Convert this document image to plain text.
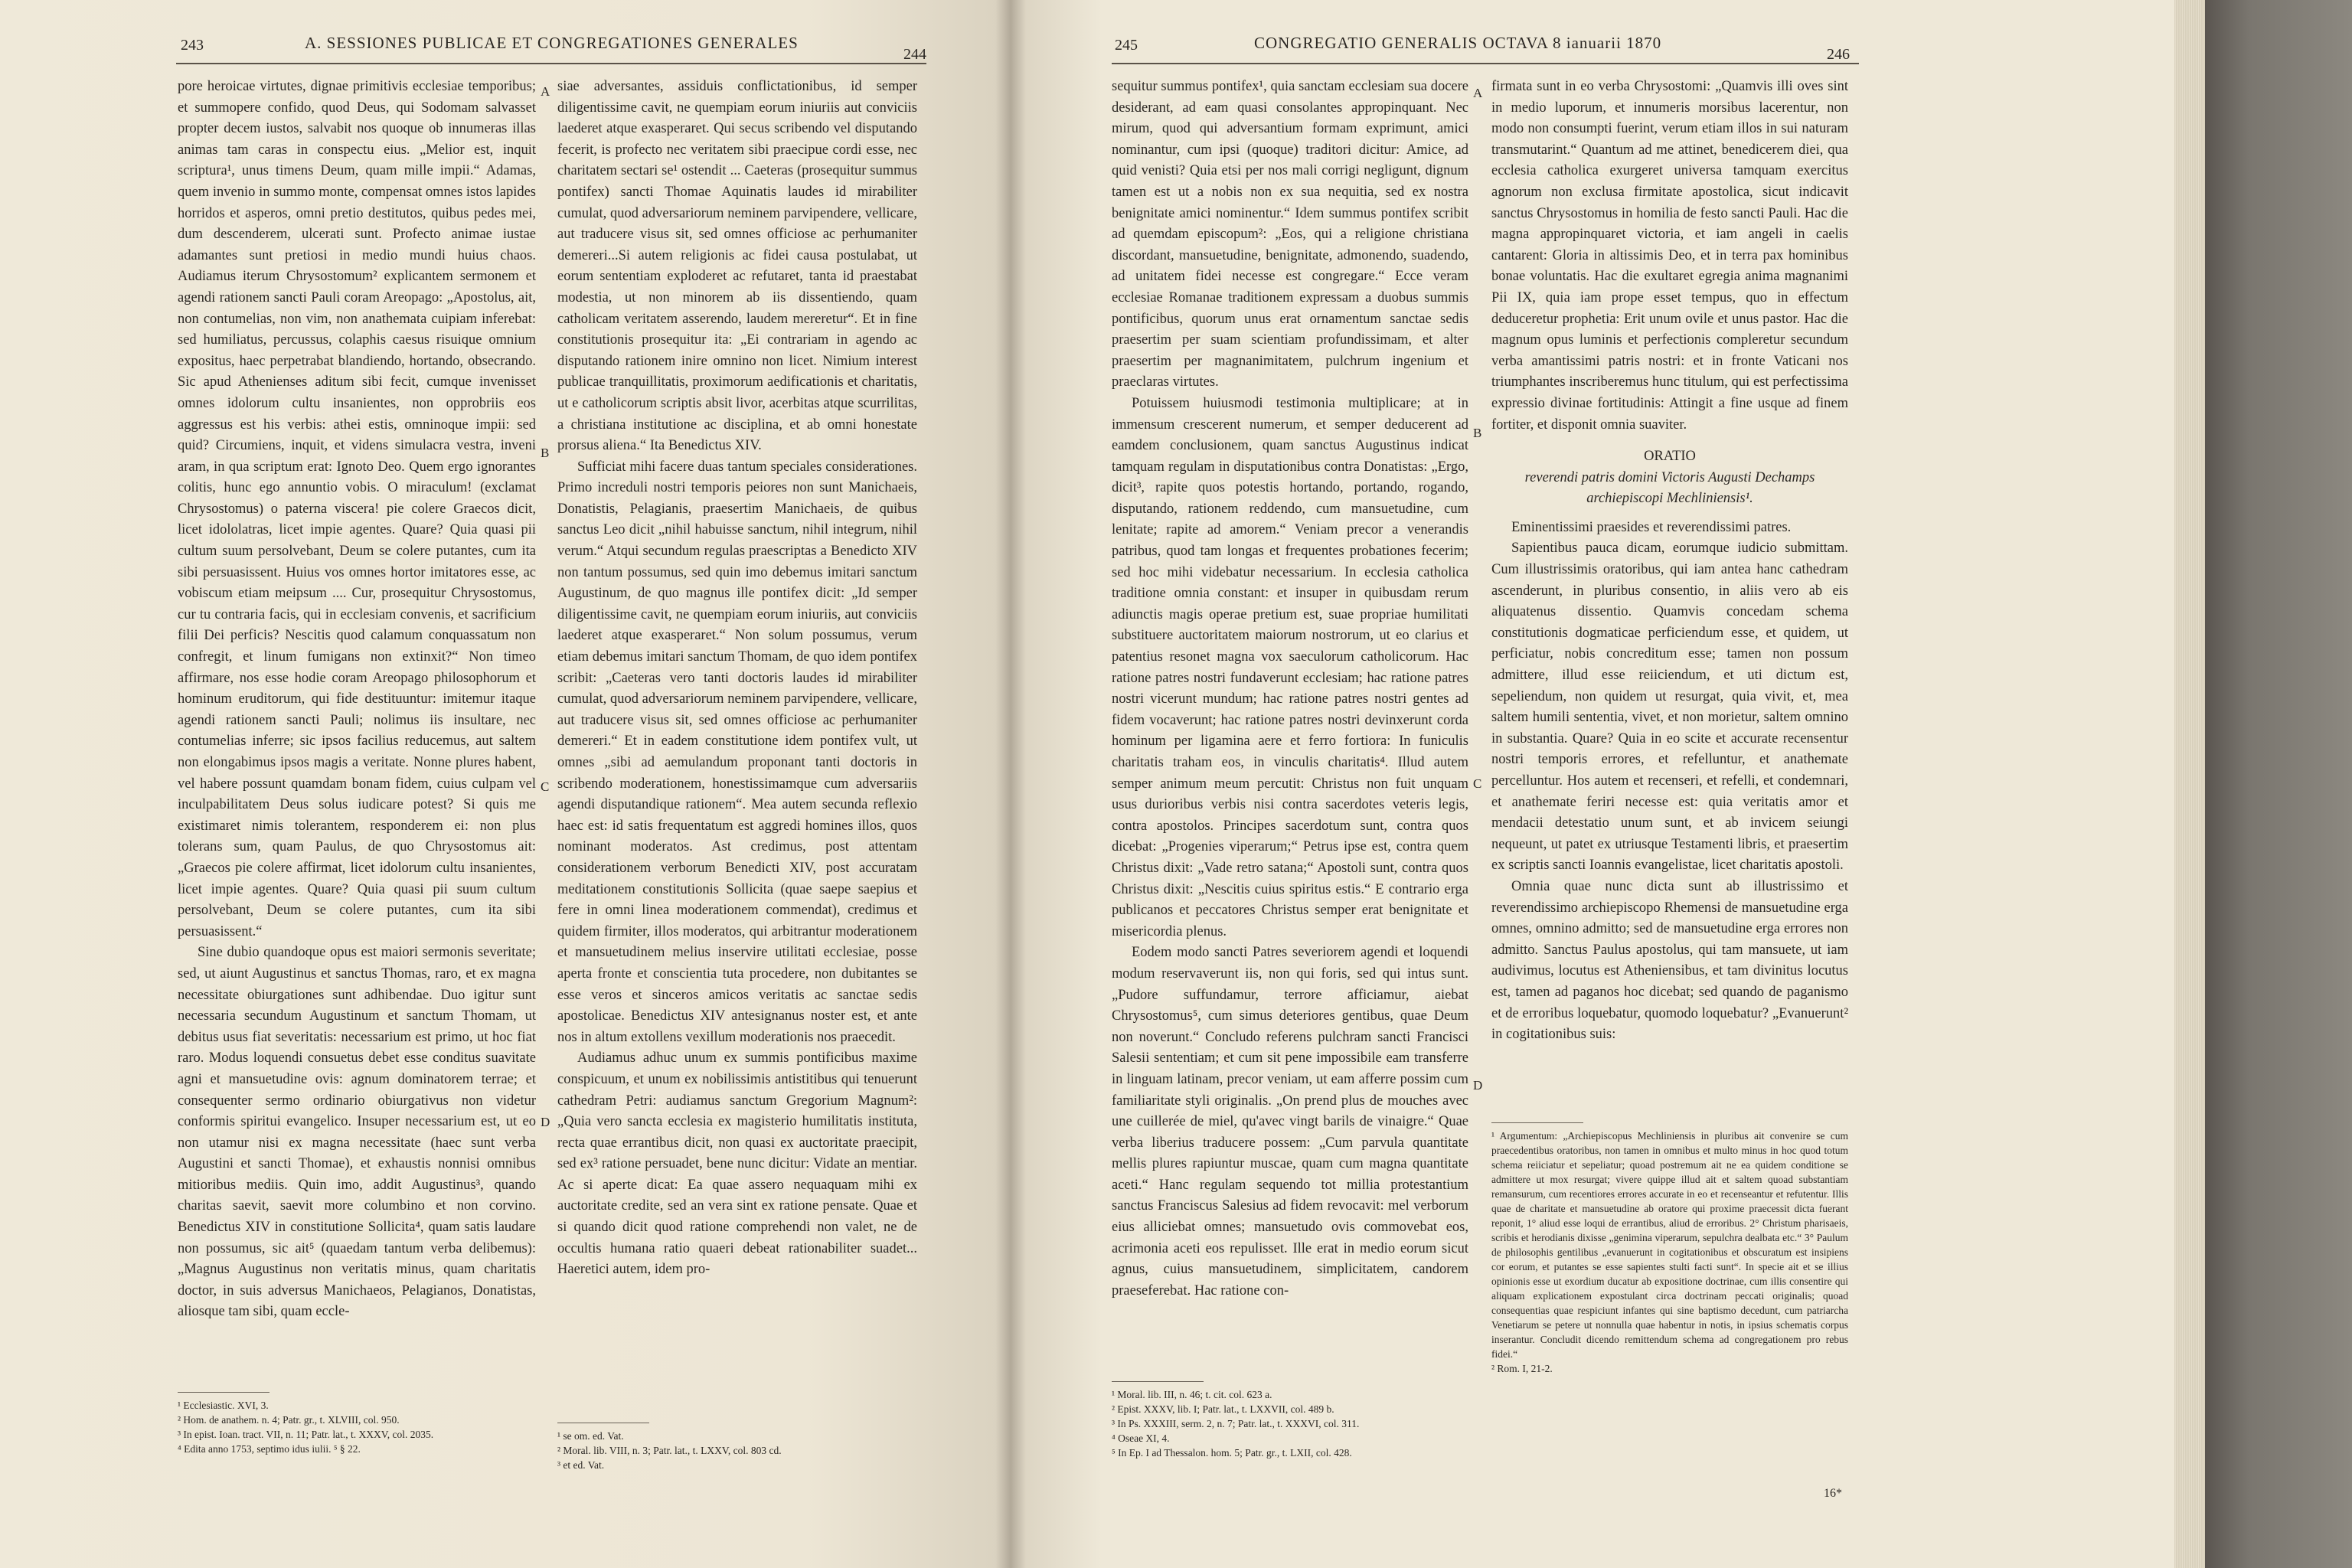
243	A. SESSIONES PUBLICAE ET CONGREGATIONES GENERALES
244

pore heroicae virtutes, dignae primitivis ecclesiae temporibus; et summopere confido, quod Deus, qui Sodomam salvasset propter decem iustos, salvabit nos quoque ob innumeras illas animas tam caras in conspectu eius. „Melior est, inquit scriptura¹, unus timens Deum, quam mille impii.“ Adamas, quem invenio in summo monte, compensat omnes istos lapides horridos et asperos, omni pretio destitutos, quibus pedes mei, dum descenderem, ulcerati sunt. Profecto animae iustae adamantes sunt pretiosi in medio mundi huius chaos. Audiamus iterum Chrysostomum² explicantem sermonem et agendi rationem sancti Pauli coram Areopago: „Apostolus, ait, non contumelias, non vim, non anathemata cuipiam inferebat: sed humiliatus, percussus, colaphis caesus risuique omnium expositus, haec perpetrabat blandiendo, hortando, obsecrando. Sic apud Athenienses aditum sibi fecit, cumque invenisset omnes idolorum cultu insanientes, non opprobriis eos aggressus est his verbis: athei estis, omninoque impii: sed quid? Circumiens, inquit, et videns simulacra vestra, inveni aram, in qua scriptum erat: Ignoto Deo. Quem ergo ignorantes colitis, hunc ego annuntio vobis. O miraculum! (exclamat Chrysostomus) o paterna viscera! pie colere Graecos dicit, licet idololatras, licet impie agentes. Quare? Quia quasi pii cultum suum persolvebant, Deum se colere putantes, cum ita sibi persuasissent. Huius vos omnes hortor imitatores esse, ac vobiscum etiam meipsum .... Cur, prosequitur Chrysostomus, cur tu contraria facis, qui in ecclesiam convenis, et sacrificium filii Dei perficis? Nescitis quod calamum conquassatum non confregit, et linum fumigans non extinxit?“ Non timeo affirmare, nos esse hodie coram Areopago philosophorum et hominum eruditorum, qui fide destituuntur: imitemur itaque agendi rationem sancti Pauli; nolimus iis insultare, nec contumelias inferre; sic ipsos facilius reducemus, aut saltem non elongabimus ipsos magis a veritate. Nonne plures habent, vel habere possunt quamdam bonam fidem, cuius culpam vel inculpabilitatem Deus solus iudicare potest? Si quis me existimaret nimis tolerantem, responderem ei: non plus tolerans sum, quam Paulus, de quo Chrysostomus ait: „Graecos pie colere affirmat, licet idolorum cultu insanientes, licet impie agentes. Quare? Quia quasi pii suum cultum persolvebant, Deum se colere putantes, cum ita sibi persuasissent.“

Sine dubio quandoque opus est maiori sermonis severitate; sed, ut aiunt Augustinus et sanctus Thomas, raro, et ex magna necessitate obiurgationes sunt adhibendae. Duo igitur sunt necessaria secundum Augustinum et sanctum Thomam, ut debitus usus fiat severitatis: necessarium est primo, ut hoc fiat raro. Modus loquendi consuetus debet esse conditus suavitate agni et mansuetudine ovis: agnum dominatorem terrae; et consequenter sermo ordinario obiurgativus non videtur conformis spiritui evangelico. Insuper necessarium est, ut eo non utamur nisi ex magna necessitate (haec sunt verba Augustini et sancti Thomae), et exhaustis nonnisi omnibus mitioribus mediis. Quin imo, addit Augustinus³, quando charitas saevit, saevit more columbino et non corvino. Benedictus XIV in constitutione Sollicita⁴, quam satis laudare non possumus, sic ait⁵ (quaedam tantum verba delibemus): „Magnus Augustinus non veritatis minus, quam charitatis doctor, in suis adversus Manichaeos, Pelagianos, Donatistas, aliosque tam sibi, quam eccle-

¹ Ecclesiastic. XVI, 3.
² Hom. de anathem. n. 4; Patr. gr., t. XLVIII, col. 950.
³ In epist. Ioan. tract. VII, n. 11; Patr. lat., t. XXXV, col. 2035.
⁴ Edita anno 1753, septimo idus iulii. ⁵ § 22.
A
B
C
D

siae adversantes, assiduis conflictationibus, id semper diligentissime cavit, ne quempiam eorum iniuriis aut conviciis laederet atque exasperaret. Qui secus scribendo vel disputando fecerit, is profecto nec veritatem sibi praecipue cordi esse, nec charitatem sectari se¹ ostendit ... Caeteras (prosequitur summus pontifex) sancti Thomae Aquinatis laudes id mirabiliter cumulat, quod adversariorum neminem parvipendere, vellicare, aut traducere visus sit, sed omnes officiose ac perhumaniter demereri...Si autem religionis ac fidei causa postulabat, ut eorum sententiam exploderet ac refutaret, tanta id praestabat modestia, ut non minorem ab iis dissentiendo, quam catholicam veritatem asserendo, laudem mereretur“. Et in fine constitutionis prosequitur ita: „Ei contrariam in agendo ac disputando rationem inire omnino non licet. Nimium interest publicae tranquillitatis, proximorum aedificationis et charitatis, ut e catholicorum scriptis absit livor, acerbitas atque scurrilitas, a christiana institutione ac disciplina, et ab omni honestate prorsus aliena.“ Ita Benedictus XIV.

Sufficiat mihi facere duas tantum speciales considerationes. Primo increduli nostri temporis peiores non sunt Manichaeis, Donatistis, Pelagianis, praesertim Manichaeis, de quibus sanctus Leo dicit „nihil habuisse sanctum, nihil integrum, nihil verum.“ Atqui secundum regulas praescriptas a Benedicto XIV non tantum possumus, sed quin imo debemus imitari sanctum Augustinum, de quo magnus ille pontifex dicit: „Id semper diligentissime cavit, ne quempiam eorum iniuriis, aut conviciis laederet atque exasperaret.“ Non solum possumus, verum etiam debemus imitari sanctum Thomam, de quo idem pontifex scribit: „Caeteras vero tanti doctoris laudes id mirabiliter cumulat, quod adversariorum neminem parvipendere, vellicare, aut traducere visus sit, sed omnes officiose ac perhumaniter demereri.“ Et in eadem constitutione idem pontifex vult, ut omnes „sibi ad aemulandum proponant tanti doctoris in scribendo moderationem, honestissimamque cum adversariis agendi disputandique rationem“. Mea autem secunda reflexio haec est: id satis frequentatum est aggredi homines illos, quos nominant moderatos. Ast credimus, post attentam considerationem verborum Benedicti XIV, post accuratam meditationem constitutionis Sollicita (quae saepe saepius et fere in omni linea moderationem commendat), credimus et quidem firmiter, illos moderatos, qui arbitrantur moderationem et mansuetudinem melius inservire utilitati ecclesiae, posse aperta fronte et conscientia tuta procedere, non dubitantes se esse veros et sinceros amicos veritatis ac sanctae sedis apostolicae. Benedictus XIV antesignanus noster est, et ante nos in altum extollens vexillum moderationis nos praecedit.

Audiamus adhuc unum ex summis pontificibus maxime conspicuum, et unum ex nobilissimis antistitibus qui tenuerunt cathedram Petri: audiamus sanctum Gregorium Magnum²: „Quia vero sancta ecclesia ex magisterio humilitatis instituta, recta quae errantibus dicit, non quasi ex auctoritate praecipit, sed ex³ ratione persuadet, bene nunc dicitur: Vidate an mentiar. Ac si aperte dicat: Ea quae assero nequaquam mihi ex auctoritate credite, sed an vera sint ex ratione pensate. Quae et si quando dicit quod ratione comprehendi non valet, ne de occultis humana ratio quaeri debeat rationabiliter suadet... Haeretici autem, idem pro-

¹ se om. ed. Vat.
² Moral. lib. VIII, n. 3; Patr. lat., t. LXXV, col. 803 cd.
³ et ed. Vat.
245	CONGREGATIO GENERALIS OCTAVA 8 ianuarii 1870
246

sequitur summus pontifex¹, quia sanctam ecclesiam sua docere desiderant, ad eam quasi consolantes appropinquant. Nec mirum, quod qui adversantium formam exprimunt, amici nominantur, cum ipsi (quoque) traditori dicitur: Amice, ad quid venisti? Quia etsi per nos mali corrigi negligunt, dignum tamen est ut a nobis non ex sua nequitia, sed ex nostra benignitate amici nominentur.“ Idem summus pontifex scribit ad quemdam episcopum²: „Eos, qui a religione christiana discordant, mansuetudine, benignitate, admonendo, suadendo, ad unitatem fidei necesse est congregare.“ Ecce veram ecclesiae Romanae traditionem expressam a duobus summis pontificibus, quorum unus erat ornamentum sanctae sedis praesertim per suam scientiam profundissimam, et alter praesertim per magnanimitatem, pulchrum ingenium et praeclaras virtutes.

Potuissem huiusmodi testimonia multiplicare; at in immensum crescerent numerum, et semper deducerent ad eamdem conclusionem, quam sanctus Augustinus indicat tamquam regulam in disputationibus contra Donatistas: „Ergo, dicit³, rapite quos potestis hortando, portando, rogando, disputando, rationem reddendo, cum mansuetudine, cum lenitate; rapite ad amorem.“ Veniam precor a venerandis patribus, quod tam longas et frequentes probationes fecerim; sed hoc mihi videbatur necessarium. In ecclesia catholica traditione omnia constant: et insuper in quibusdam rerum adiunctis magis operae pretium est, suae propriae humilitati substituere auctoritatem maiorum nostrorum, ut eo clarius et patentius resonet magna vox saeculorum catholicorum. Hac ratione patres nostri fundaverunt ecclesiam; hac ratione patres nostri vicerunt mundum; hac ratione patres nostri gentes ad fidem vocaverunt; hac ratione patres nostri devinxerunt corda hominum per ligamina aere et ferro fortiora: In funiculis charitatis traham eos, in vinculis charitatis⁴. Illud autem semper animum meum percutit: Christus non fuit unquam usus durioribus verbis nisi contra sacerdotes veteris legis, contra apostolos. Principes sacerdotum sunt, contra quos dicebat: „Progenies viperarum;“ Petrus ipse est, contra quem Christus dixit: „Vade retro satana;“ Apostoli sunt, contra quos Christus dixit: „Nescitis cuius spiritus estis.“ E contrario erga publicanos et peccatores Christus semper erat benignitate et misericordia plenus.

Eodem modo sancti Patres severiorem agendi et loquendi modum reservaverunt iis, non qui foris, sed qui intus sunt. „Pudore suffundamur, terrore afficiamur, aiebat Chrysostomus⁵, cum simus deteriores gentibus, quae Deum non noverunt.“ Concludo referens pulchram sancti Francisci Salesii sententiam; et cum sit pene impossibile eam transferre in linguam latinam, precor veniam, ut eam afferre possim cum familiaritate styli originalis. „On prend plus de mouches avec une cuillerée de miel, qu'avec vingt barils de vinaigre.“ Quae verba liberius traducere possem: „Cum parvula quantitate mellis plures rapiuntur muscae, quam cum magna quantitate aceti.“ Hanc regulam sequendo tot millia protestantium sanctus Franciscus Salesius ad fidem revocavit: mel verborum eius alliciebat omnes; mansuetudo ovis commovebat eos, acrimonia aceti eos repulisset. Ille erat in medio eorum sicut agnus, cuius mansuetudinem, simplicitatem, candorem praeseferebat. Hac ratione con-

¹ Moral. lib. III, n. 46; t. cit. col. 623 a.
² Epist. XXXV, lib. I; Patr. lat., t. LXXVII, col. 489 b.
³ In Ps. XXXIII, serm. 2, n. 7; Patr. lat., t. XXXVI, col. 311.
⁴ Oseae XI, 4.
⁵ In Ep. I ad Thessalon. hom. 5; Patr. gr., t. LXII, col. 428.
A
B
C
D

firmata sunt in eo verba Chrysostomi: „Quamvis illi oves sint in medio luporum, et innumeris morsibus lacerentur, non modo non consumpti fuerint, verum etiam illos in sui naturam transmutarint.“ Quantum ad me attinet, benedicerem diei, qua ecclesia catholica exurgeret universa tamquam exercitus agnorum non exclusa firmitate apostolica, sicut indicavit sanctus Chrysostomus in homilia de festo sancti Pauli. Hac die magna appropinquaret victoria, et iam angeli in caelis cantarent: Gloria in altissimis Deo, et in terra pax hominibus bonae voluntatis. Hac die exultaret egregia anima magnanimi Pii IX, quia iam prope esset tempus, quo in effectum deduceretur prophetia: Erit unum ovile et unus pastor. Hac die magnum opus luminis et perfectionis compleretur secundum verba amantissimi patris nostri: et in fronte Vaticani nos triumphantes inscriberemus hunc titulum, qui est perfectissima expressio divinae fortitudinis: Attingit a fine usque ad finem fortiter, et disponit omnia suaviter.

ORATIO

reverendi patris domini Victoris Augusti Dechamps

archiepiscopi Mechliniensis¹.

Eminentissimi praesides et reverendissimi patres.

Sapientibus pauca dicam, eorumque iudicio submittam. Cum illustrissimis oratoribus, qui iam antea hanc cathedram ascenderunt, in pluribus consentio, in aliis vero ab eis aliquatenus dissentio. Quamvis concedam schema constitutionis dogmaticae perficiendum esse, et quidem, ut perficiatur, nobis concreditum esse; tamen non possum admittere, illud esse reiiciendum, et uti dictum est, sepeliendum, non quidem ut resurgat, quia vivit, et, mea saltem humili sententia, vivet, et non morietur, saltem omnino in substantia. Quare? Quia in eo scite et accurate recensentur nostri temporis errores, et refelluntur, et anathemate percelluntur. Hos autem et recenseri, et refelli, et condemnari, et anathemate feriri necesse est: quia veritatis amor et mendacii detestatio unum sunt, et ab invicem seiungi nequeunt, ut patet ex utriusque Testamenti libris, et praesertim ex scriptis sancti Ioannis evangelistae, licet charitatis apostoli.

Omnia quae nunc dicta sunt ab illustrissimo et reverendissimo archiepiscopo Rhemensi de mansuetudine erga omnes, omnino admitto; sed de mansuetudine erga errores non admitto. Sanctus Paulus apostolus, qui tam mansuete, ut iam audivimus, locutus est Atheniensibus, et tam divinitus locutus est, tamen ad paganos hoc dicebat; sed quando de paganismo et de erroribus loquebatur, quomodo loquebatur? „Evanuerunt² in cogitationibus suis:

¹ Argumentum: „Archiepiscopus Mechliniensis in pluribus ait convenire se cum praecedentibus oratoribus, non tamen in omnibus et multo minus in hoc quod totum schema reiiciatur et sepeliatur; quoad postremum ait ne ea quidem conditione se admittere ut mox resurgat; vivere quippe illud ait et saltem quoad substantiam remansurum, cum recentiores errores accurate in eo et recenseantur et refutentur. Illis quae de charitate et mansuetudine ab oratore qui proxime praecessit dicta fuerant reponit, 1° aliud esse loqui de errantibus, aliud de erroribus. 2° Christum pharisaeis, scribis et herodianis dixisse „genimina viperarum, sepulchra dealbata etc.“ 3° Paulum de philosophis gentilibus „evanuerunt in cogitationibus et obscuratum est insipiens cor eorum, et putantes se esse sapientes stulti facti sunt“. In specie ait et se illius opinionis esse ut exordium ducatur ab expositione doctrinae, cum illis consentire qui aliquam explicationem expostulant circa doctrinam peccati originalis; quoad consequentias quae respiciunt infantes qui sine baptismo decedunt, cum patriarcha Venetiarum se petere ut nonnulla quae habentur in notis, in ipsius schematis corpus inserantur. Concludit dicendo remittendum schema ad congregationem pro rebus fidei.“
² Rom. I, 21-2.
16*
